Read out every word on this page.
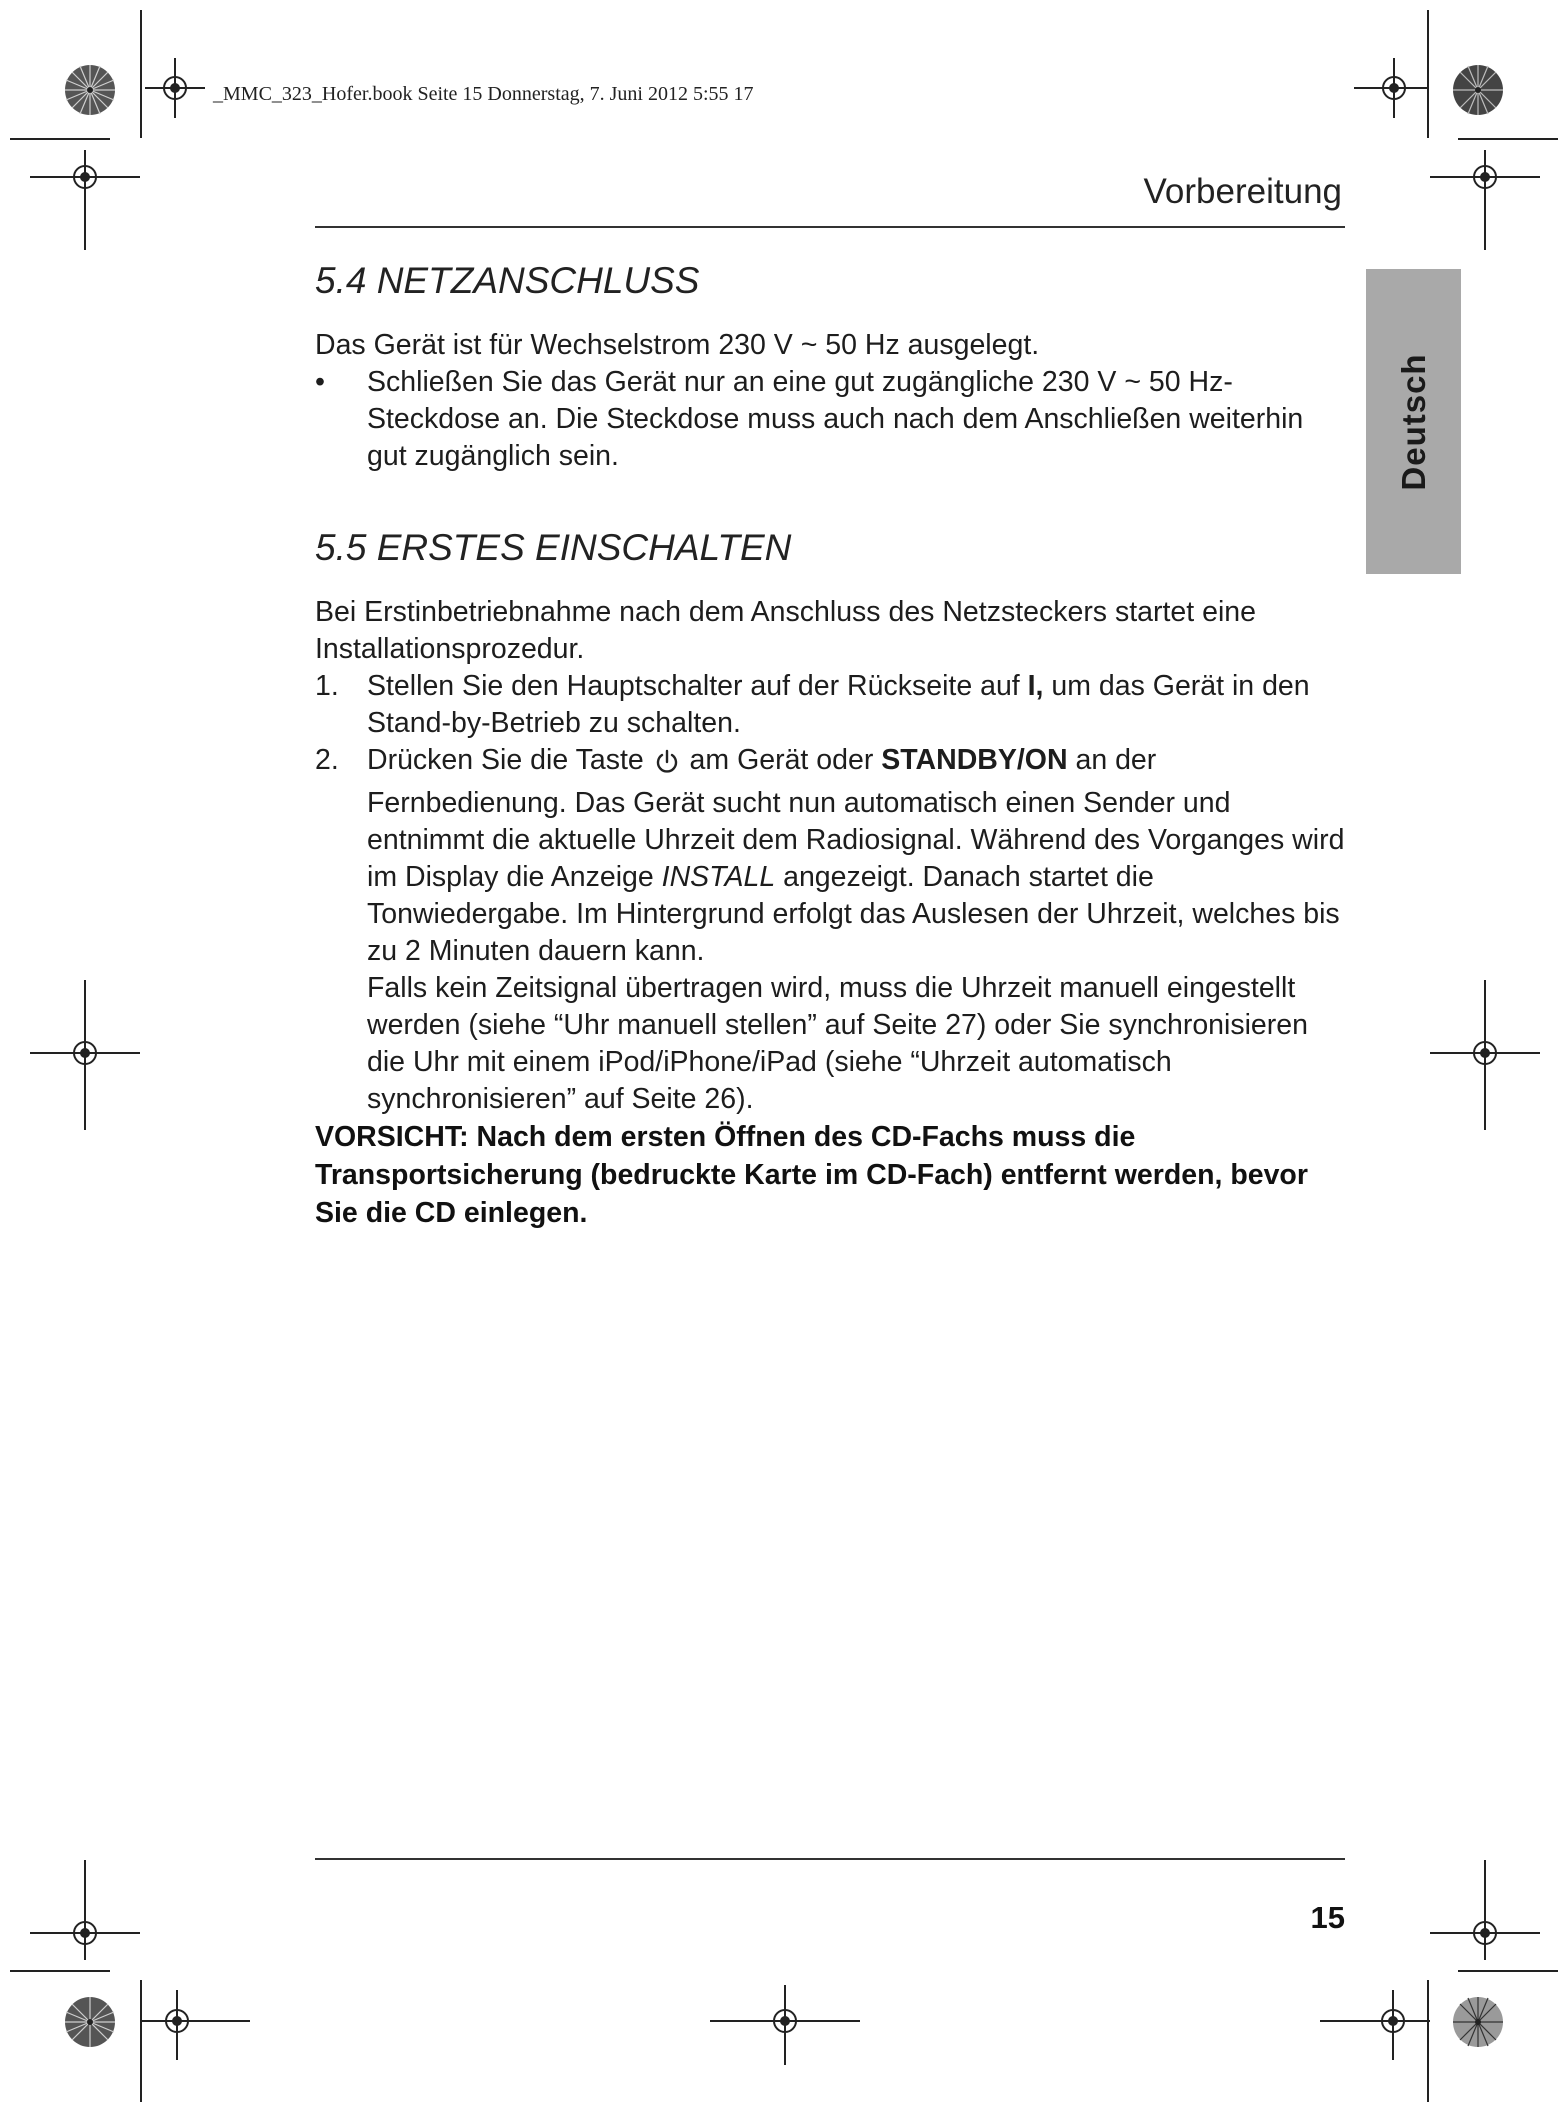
_MMC_323_Hofer.book Seite 15 Donnerstag, 7. Juni 2012 5:55 17
Vorbereitung
Deutsch
5.4 NETZANSCHLUSS

Das Gerät ist für Wechselstrom 230 V ~ 50 Hz ausgelegt.

•	Schließen Sie das Gerät nur an eine gut zugängliche 230 V ~ 50 Hz-Steckdose an. Die Steckdose muss auch nach dem Anschließen weiterhin gut zugänglich sein.
5.5 ERSTES EINSCHALTEN

Bei Erstinbetriebnahme nach dem Anschluss des Netzsteckers startet eine Installationsprozedur.

1. Stellen Sie den Hauptschalter auf der Rückseite auf I, um das Gerät in den Stand-by-Betrieb zu schalten.
2. Drücken Sie die Taste  am Gerät oder STANDBY/ON an der Fernbedienung. Das Gerät sucht nun automatisch einen Sender und entnimmt die aktuelle Uhrzeit dem Radiosignal. Während des Vorganges wird im Display die Anzeige INSTALL angezeigt. Danach startet die Tonwiedergabe. Im Hintergrund erfolgt das Auslesen der Uhrzeit, welches bis zu 2 Minuten dauern kann.

Falls kein Zeitsignal übertragen wird, muss die Uhrzeit manuell eingestellt werden (siehe “Uhr manuell stellen” auf Seite 27) oder Sie synchronisieren die Uhr mit einem iPod/iPhone/iPad (siehe “Uhrzeit automatisch synchronisieren” auf Seite 26).

VORSICHT: Nach dem ersten Öffnen des CD-Fachs muss die Transportsicherung (bedruckte Karte im CD-Fach) entfernt werden, bevor Sie die CD einlegen.
15
